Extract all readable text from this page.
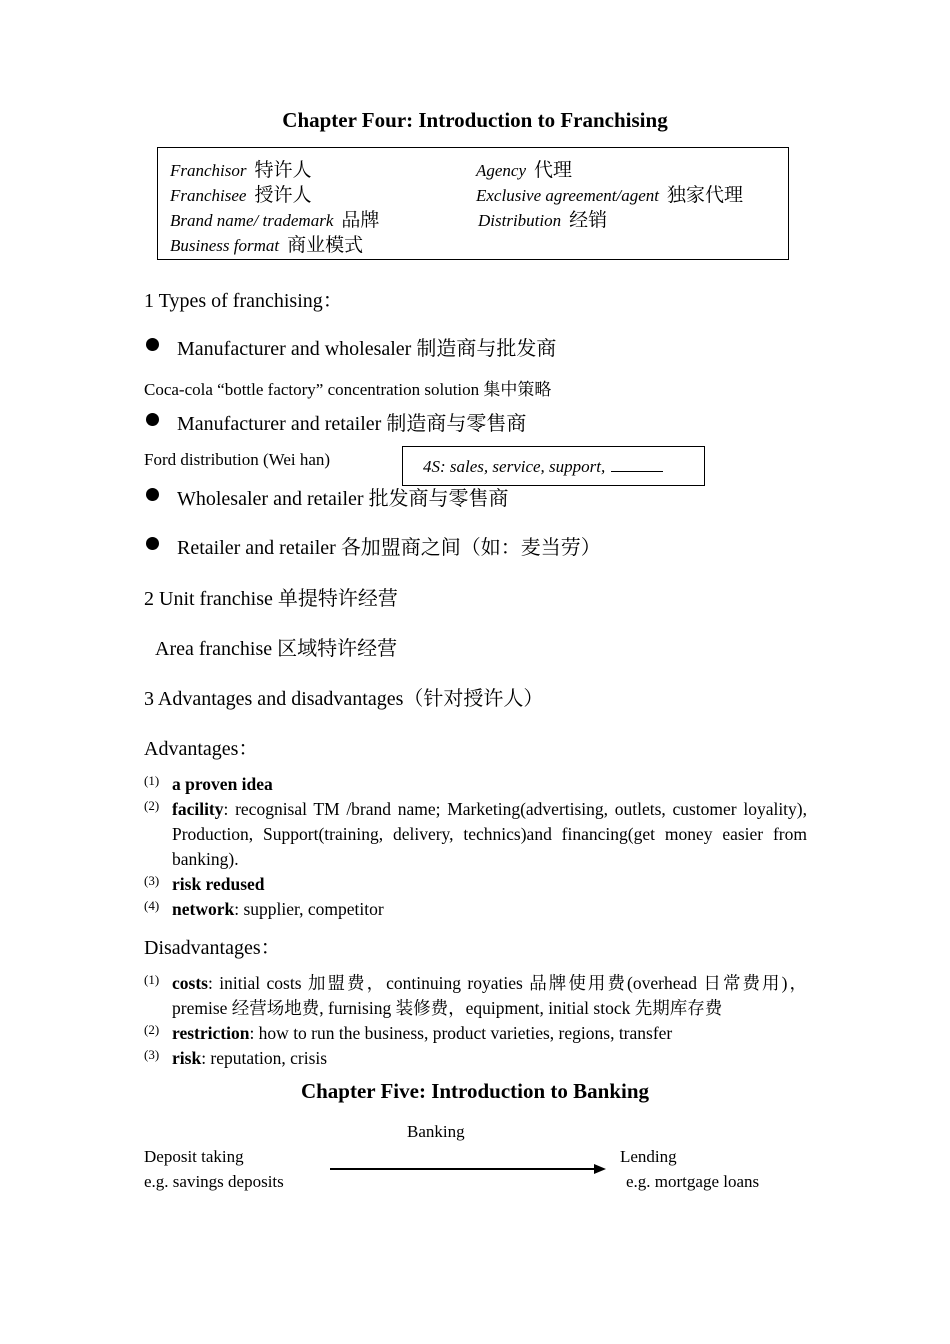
Chapter Four: Introduction to Franchising
Franchisor 特许人
Franchisee 授许人
Brand name/ trademark 品牌
Business format 商业模式
Agency 代理
Exclusive agreement/agent 独家代理
Distribution 经销
1 Types of franchising：
Manufacturer and wholesaler 制造商与批发商
Coca-cola “bottle factory” concentration solution 集中策略
Manufacturer and retailer 制造商与零售商
Ford distribution (Wei han)
Wholesaler and retailer 批发商与零售商
4S: sales, service, support,
Retailer and retailer 各加盟商之间（如：麦当劳）
2 Unit franchise 单提特许经营
Area franchise 区域特许经营
3 Advantages and disadvantages（针对授许人）
Advantages：
(1) a proven idea
(2) facility: recognisal TM /brand name; Marketing(advertising, outlets, customer loyality), Production, Support(training, delivery, technics)and financing(get money easier from banking).
(3) risk redused
(4) network: supplier, competitor
Disadvantages：
(1) costs: initial costs 加盟费，continuing royaties 品牌使用费(overhead 日常费用)，premise 经营场地费, furnising 装修费，equipment, initial stock 先期库存费
(2) restriction: how to run the business, product varieties, regions, transfer
(3) risk: reputation, crisis
Chapter Five: Introduction to Banking
Banking
Deposit taking
e.g. savings deposits
Lending
e.g. mortgage loans
